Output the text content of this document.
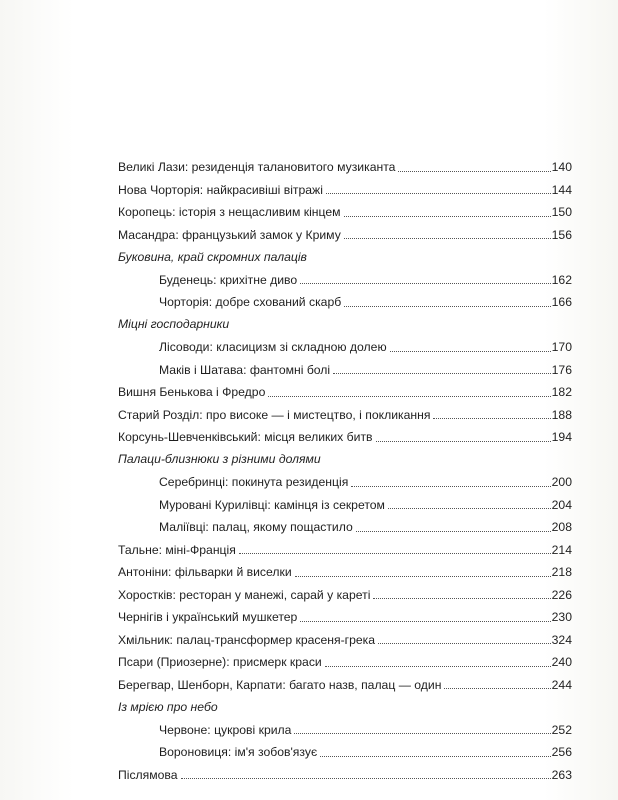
Великі Лази: резиденція талановитого музиканта	140
Нова Чорторія: найкрасивіші вітражі	144
Коропець: історія з нещасливим кінцем	150
Масандра: французький замок у Криму	156
Буковина, край скромних палаців
Буденець: крихітне диво	162
Чорторія: добре схований скарб	166
Міцні господарники
Лісоводи: класицизм зі складною долею	170
Маків і Шатава: фантомні болі	176
Вишня Бенькова і Фредро	182
Старий Розділ: про високе — і мистецтво, і покликання	188
Корсунь-Шевченківський: місця великих битв	194
Палаци-близнюки з різними долями
Серебринці: покинута резиденція	200
Муровані Курилівці: камінця із секретом	204
Маліївці: палац, якому пощастило	208
Тальне: міні-Франція	214
Антоніни: фільварки й виселки	218
Хоростків: ресторан у манежі, сарай у кареті	226
Чернігів і український мушкетер	230
Хмільник: палац-трансформер красеня-грека	324
Псари (Приозерне): присмерк краси	240
Берегвар, Шенборн, Карпати: багато назв, палац — один	244
Із мрією про небо
Червоне: цукрові крила	252
Вороновиця: ім'я зобов'язує	256
Післямова	263
